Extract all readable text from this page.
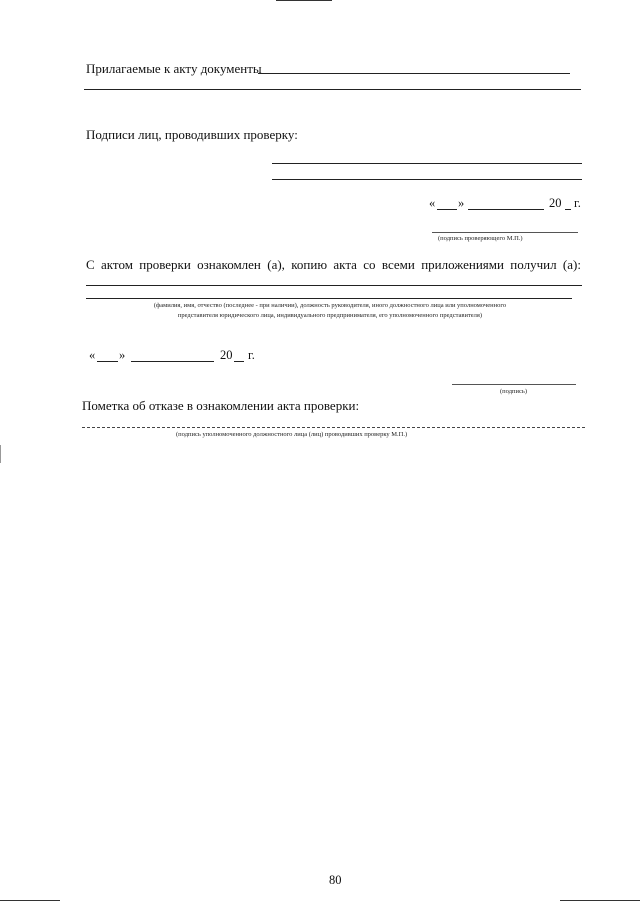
Прилагаемые к акту документы
Подписи лиц, проводивших проверку:
« »	20 г.
(подпись проверяющего М.П.)
С актом проверки ознакомлен (а), копию акта со всеми приложениями получил (а):
(фамилия, имя, отчество (последнее - при наличии), должность руководителя, иного должностного лица или уполномоченного
представителя юридического лица, индивидуального предпринимателя, его уполномоченного представителя)
« »	20 г.
(подпись)
Пометка об отказе в ознакомлении акта проверки:
(подпись уполномоченного должностного лица (лиц) проводивших проверку М.П.)
80
